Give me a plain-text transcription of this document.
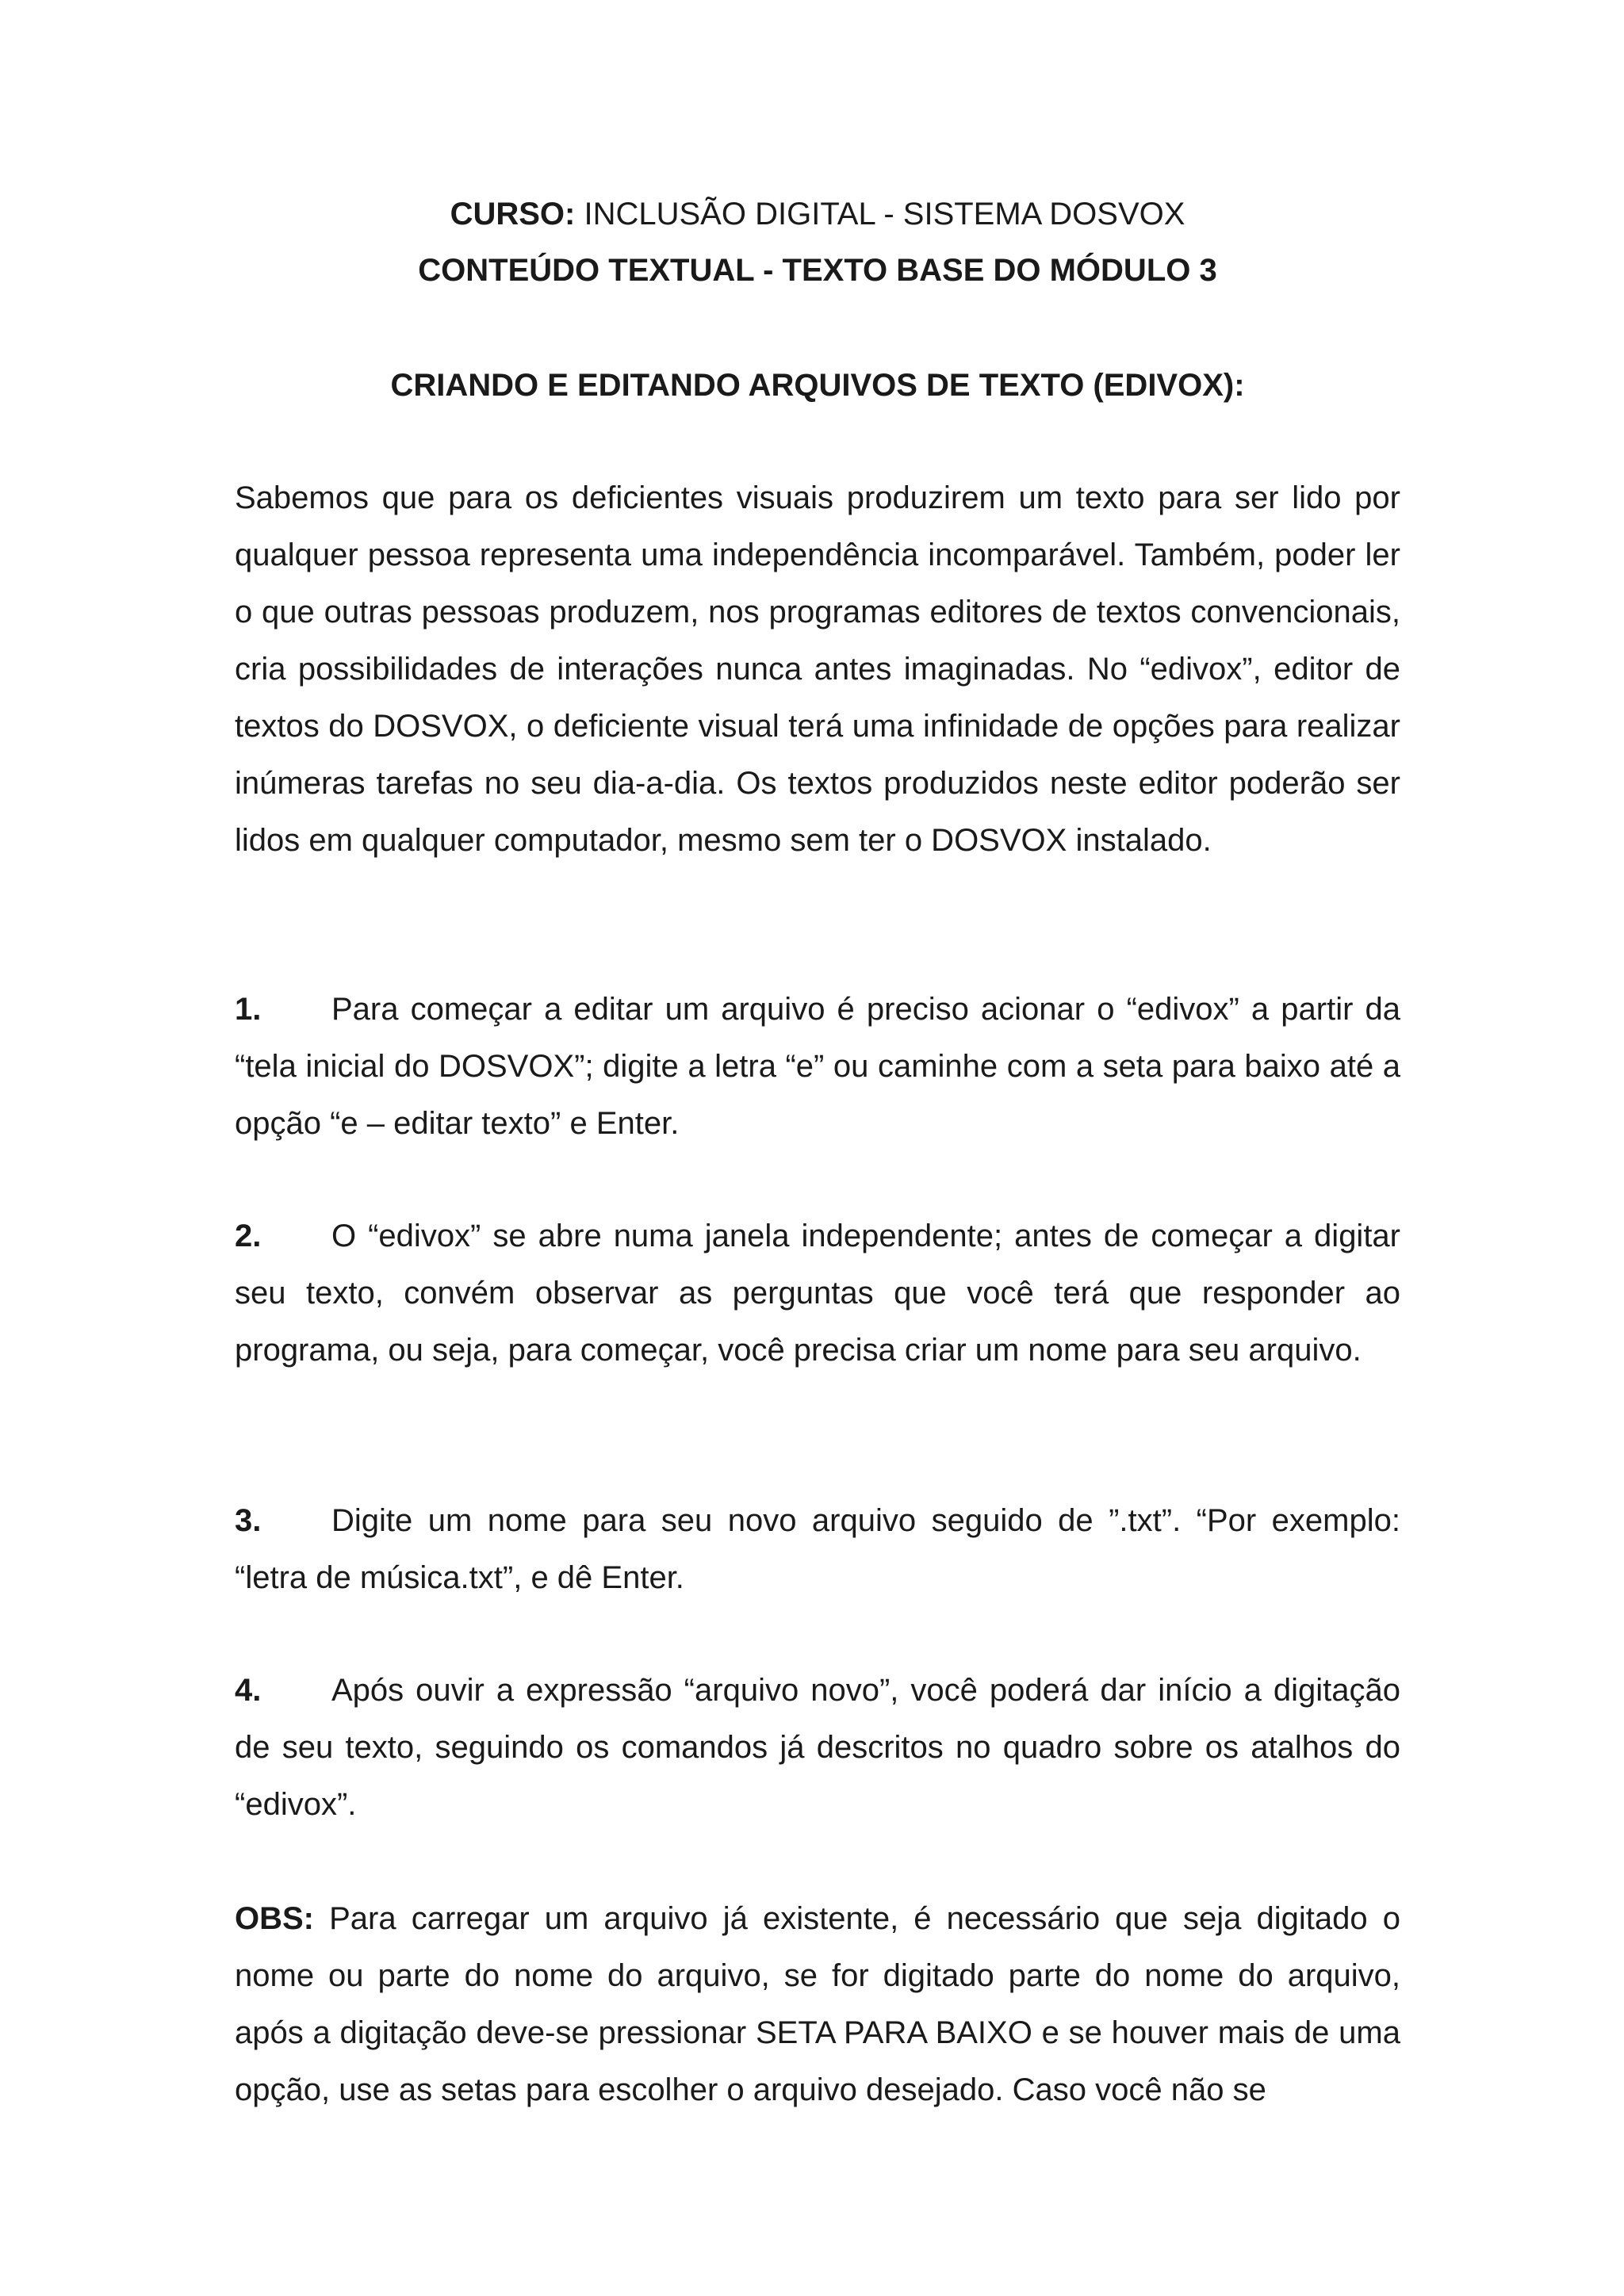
CURSO: INCLUSÃO DIGITAL - SISTEMA DOSVOX
CONTEÚDO TEXTUAL - TEXTO BASE DO MÓDULO 3
CRIANDO E EDITANDO ARQUIVOS DE TEXTO (EDIVOX):

Sabemos que para os deficientes visuais produzirem um texto para ser lido por qualquer pessoa representa uma independência incomparável. Também, poder ler o que outras pessoas produzem, nos programas editores de textos convencionais, cria possibilidades de interações nunca antes imaginadas. No “edivox”, editor de textos do DOSVOX, o deficiente visual terá uma infinidade de opções para realizar inúmeras tarefas no seu dia-a-dia. Os textos produzidos neste editor poderão ser lidos em qualquer computador, mesmo sem ter o DOSVOX instalado.

1. Para começar a editar um arquivo é preciso acionar o “edivox” a partir da “tela inicial do DOSVOX”; digite a letra “e” ou caminhe com a seta para baixo até a opção “e – editar texto” e Enter.

2. O “edivox” se abre numa janela independente; antes de começar a digitar seu texto, convém observar as perguntas que você terá que responder ao programa, ou seja, para começar, você precisa criar um nome para seu arquivo.

3. Digite um nome para seu novo arquivo seguido de ”.txt”. “Por exemplo: “letra de música.txt”, e dê Enter.

4. Após ouvir a expressão “arquivo novo”, você poderá dar início a digitação de seu texto, seguindo os comandos já descritos no quadro sobre os atalhos do “edivox”.

OBS: Para carregar um arquivo já existente, é necessário que seja digitado o nome ou parte do nome do arquivo, se for digitado parte do nome do arquivo, após a digitação deve-se pressionar SETA PARA BAIXO e se houver mais de uma opção, use as setas para escolher o arquivo desejado. Caso você não se
